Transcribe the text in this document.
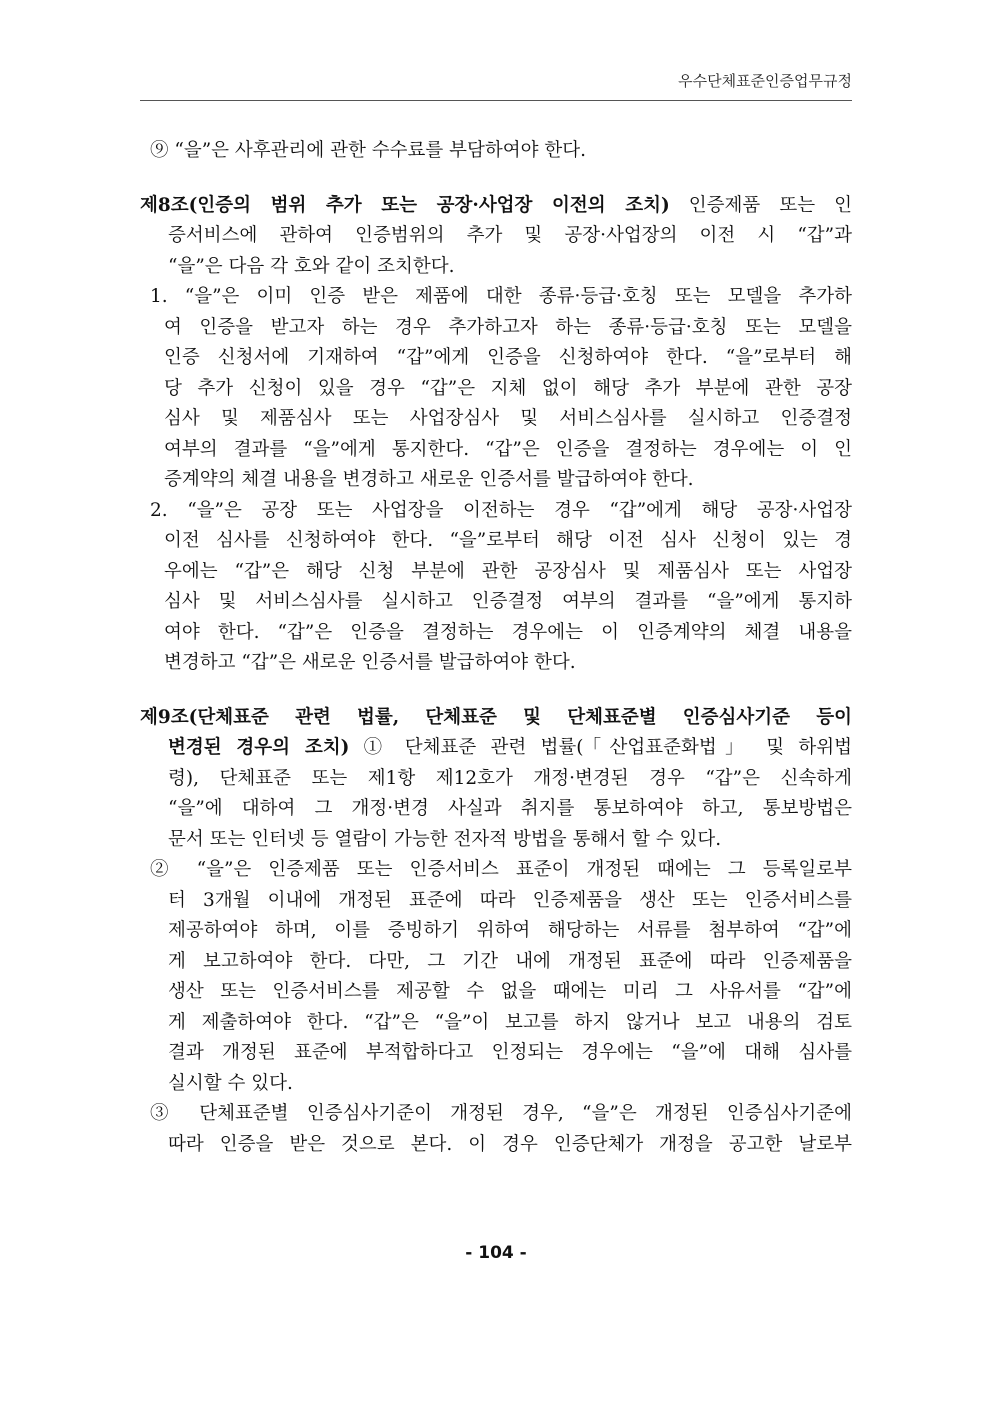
우수단체표준인증업무규정
⑨ “을”은 사후관리에 관한 수수료를 부담하여야 한다.
제8조(인증의 범위 추가 또는 공장·사업장 이전의 조치) 인증제품 또는 인
증서비스에 관하여 인증범위의 추가 및 공장·사업장의 이전 시 “갑”과
“을”은 다음 각 호와 같이 조치한다.
1. “을”은 이미 인증 받은 제품에 대한 종류·등급·호칭 또는 모델을 추가하
여 인증을 받고자 하는 경우 추가하고자 하는 종류·등급·호칭 또는 모델을
인증 신청서에 기재하여 “갑”에게 인증을 신청하여야 한다. “을”로부터 해
당 추가 신청이 있을 경우 “갑”은 지체 없이 해당 추가 부분에 관한 공장
심사 및 제품심사 또는 사업장심사 및 서비스심사를 실시하고 인증결정
여부의 결과를 “을”에게 통지한다. “갑”은 인증을 결정하는 경우에는 이 인
증계약의 체결 내용을 변경하고 새로운 인증서를 발급하여야 한다.
2. “을”은 공장 또는 사업장을 이전하는 경우 “갑”에게 해당 공장·사업장
이전 심사를 신청하여야 한다. “을”로부터 해당 이전 심사 신청이 있는 경
우에는 “갑”은 해당 신청 부분에 관한 공장심사 및 제품심사 또는 사업장
심사 및 서비스심사를 실시하고 인증결정 여부의 결과를 “을”에게 통지하
여야 한다. “갑”은 인증을 결정하는 경우에는 이 인증계약의 체결 내용을
변경하고 “갑”은 새로운 인증서를 발급하여야 한다.
제9조(단체표준 관련 법률, 단체표준 및 단체표준별 인증심사기준 등이
변경된 경우의 조치) ① 단체표준 관련 법률(「산업표준화법」 및 하위법
령), 단체표준 또는 제1항 제12호가 개정·변경된 경우 “갑”은 신속하게
“을”에 대하여 그 개정·변경 사실과 취지를 통보하여야 하고, 통보방법은
문서 또는 인터넷 등 열람이 가능한 전자적 방법을 통해서 할 수 있다.
② “을”은 인증제품 또는 인증서비스 표준이 개정된 때에는 그 등록일로부
터 3개월 이내에 개정된 표준에 따라 인증제품을 생산 또는 인증서비스를
제공하여야 하며, 이를 증빙하기 위하여 해당하는 서류를 첨부하여 “갑”에
게 보고하여야 한다. 다만, 그 기간 내에 개정된 표준에 따라 인증제품을
생산 또는 인증서비스를 제공할 수 없을 때에는 미리 그 사유서를 “갑”에
게 제출하여야 한다. “갑”은 “을”이 보고를 하지 않거나 보고 내용의 검토
결과 개정된 표준에 부적합하다고 인정되는 경우에는 “을”에 대해 심사를
실시할 수 있다.
③ 단체표준별 인증심사기준이 개정된 경우, “을”은 개정된 인증심사기준에
따라 인증을 받은 것으로 본다. 이 경우 인증단체가 개정을 공고한 날로부
- 104 -
